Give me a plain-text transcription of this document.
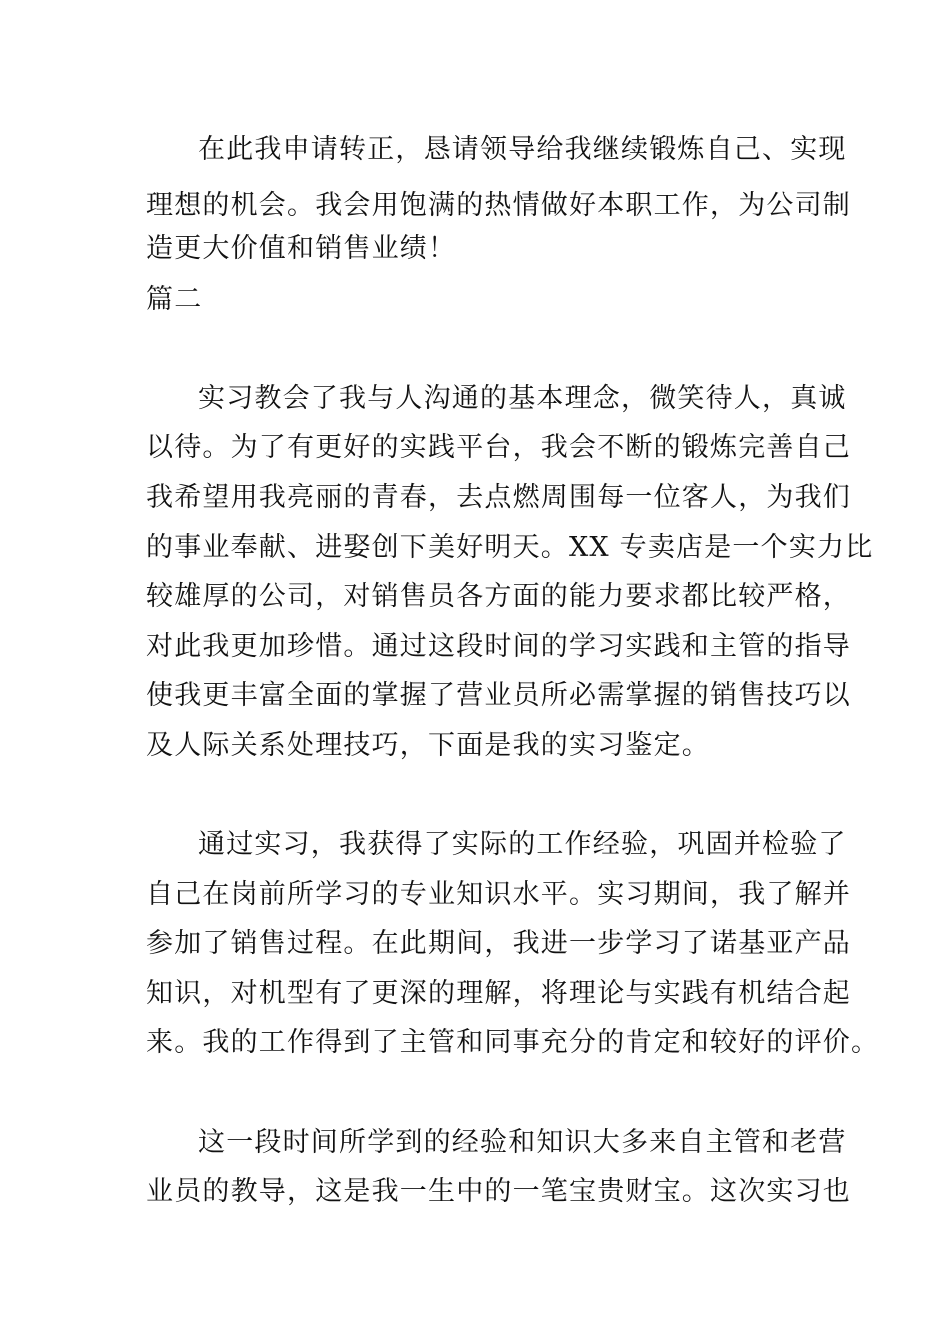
在此我申请转正，恳请领导给我继续锻炼自己、实现
理想的机会。我会用饱满的热情做好本职工作，为公司制
造更大价值和销售业绩！
篇二
实习教会了我与人沟通的基本理念，微笑待人，真诚
以待。为了有更好的实践平台，我会不断的锻炼完善自己
我希望用我亮丽的青春，去点燃周围每一位客人，为我们
的事业奉献、进娶创下美好明天。XX 专卖店是一个实力比
较雄厚的公司，对销售员各方面的能力要求都比较严格，
对此我更加珍惜。通过这段时间的学习实践和主管的指导
使我更丰富全面的掌握了营业员所必需掌握的销售技巧以
及人际关系处理技巧，下面是我的实习鉴定。
通过实习，我获得了实际的工作经验，巩固并检验了
自己在岗前所学习的专业知识水平。实习期间，我了解并
参加了销售过程。在此期间，我进一步学习了诺基亚产品
知识，对机型有了更深的理解，将理论与实践有机结合起
来。我的工作得到了主管和同事充分的肯定和较好的评价。
这一段时间所学到的经验和知识大多来自主管和老营
业员的教导，这是我一生中的一笔宝贵财宝。这次实习也
